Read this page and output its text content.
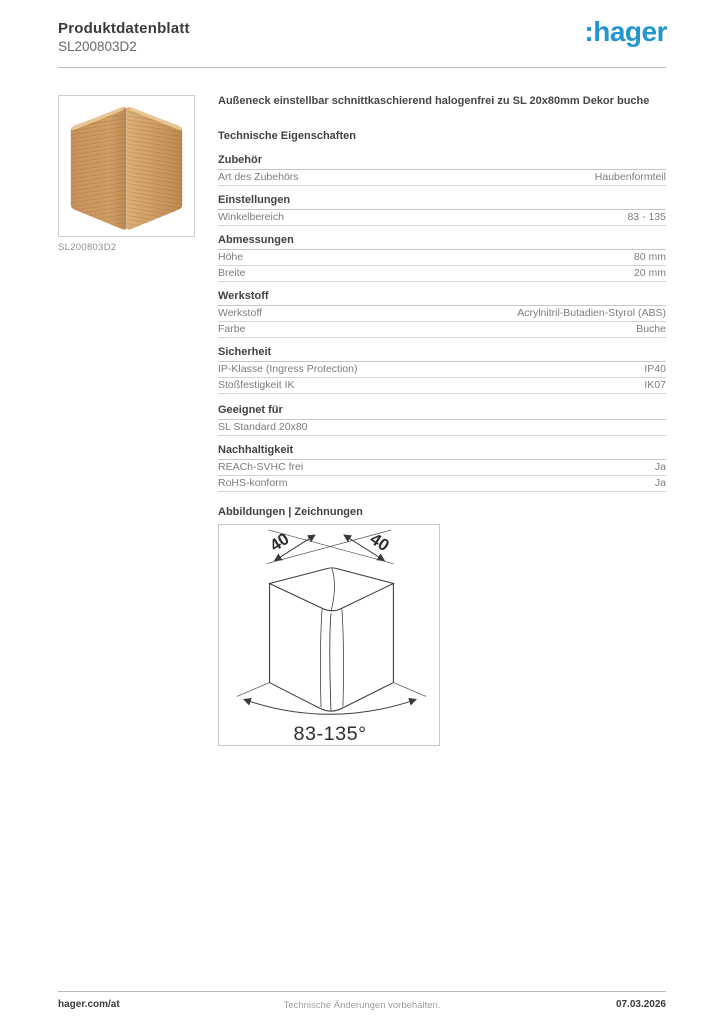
Produktdatenblatt
SL200803D2	:hager
SL200803D2
Außeneck einstellbar schnittkaschierend halogenfrei zu SL 20x80mm Dekor buche
Technische Eigenschaften
Zubehör
Art des Zubehörs	Haubenformteil
Einstellungen
Winkelbereich	83 - 135
Abmessungen
Höhe	80 mm
Breite	20 mm
Werkstoff
Werkstoff	Acrylnitril-Butadien-Styrol (ABS)
Farbe	Buche
Sicherheit
IP-Klasse (Ingress Protection)	IP40
Stoßfestigkeit IK	IK07
Geeignet für
SL Standard 20x80
Nachhaltigkeit
REACh-SVHC frei	Ja
RoHS-konform	Ja
Abbildungen | Zeichnungen
40	40
83-135°
hager.com/at	Technische Änderungen vorbehalten.	07.03.2026
